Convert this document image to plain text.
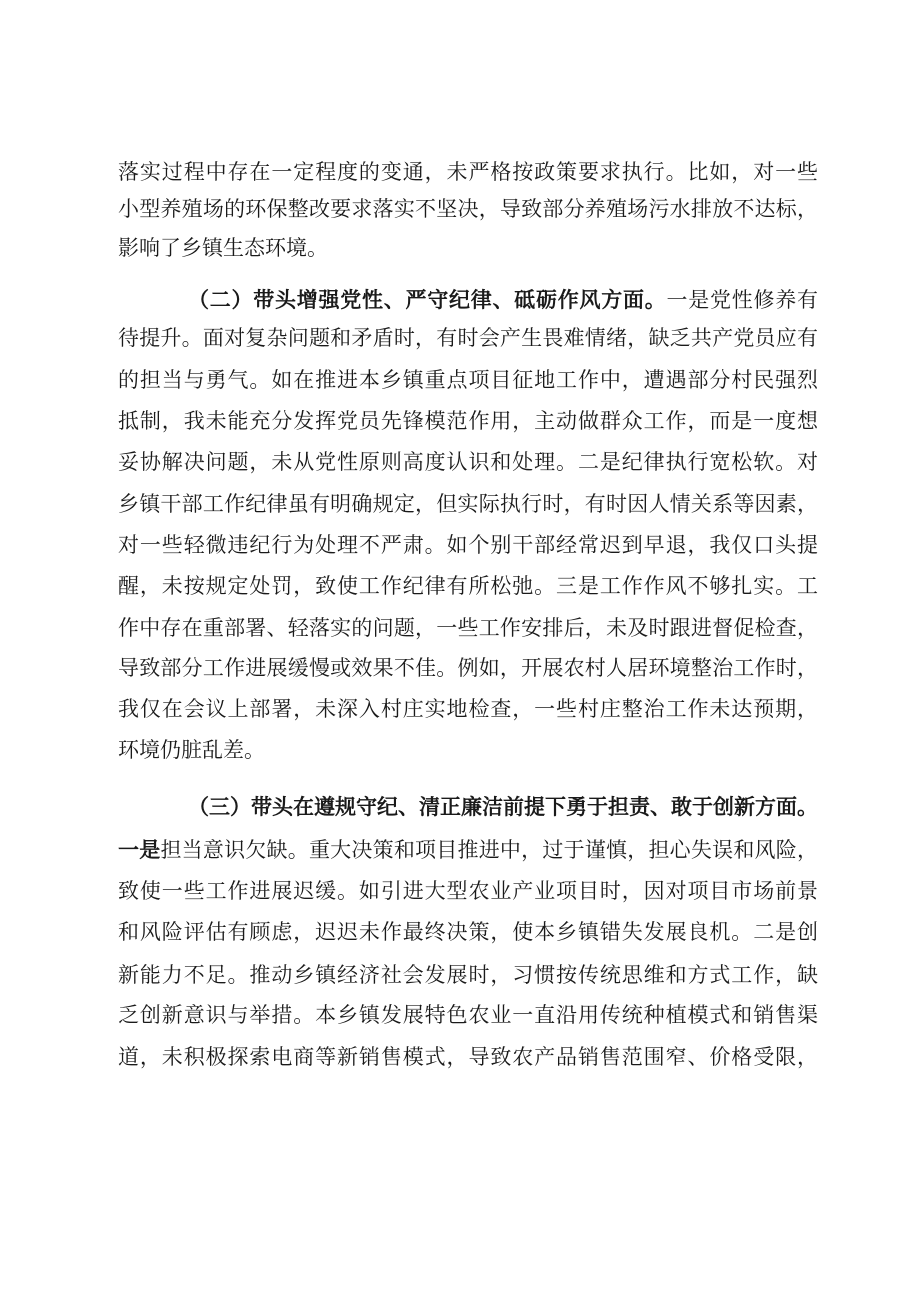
落实过程中存在一定程度的变通，未严格按政策要求执行。比如，对一些
小型养殖场的环保整改要求落实不坚决，导致部分养殖场污水排放不达标，
影响了乡镇生态环境。
（二）带头增强党性、严守纪律、砥砺作风方面。一是党性修养有
待提升。面对复杂问题和矛盾时，有时会产生畏难情绪，缺乏共产党员应有
的担当与勇气。如在推进本乡镇重点项目征地工作中，遭遇部分村民强烈
抵制，我未能充分发挥党员先锋模范作用，主动做群众工作，而是一度想
妥协解决问题，未从党性原则高度认识和处理。二是纪律执行宽松软。对
乡镇干部工作纪律虽有明确规定，但实际执行时，有时因人情关系等因素，
对一些轻微违纪行为处理不严肃。如个别干部经常迟到早退，我仅口头提
醒，未按规定处罚，致使工作纪律有所松弛。三是工作作风不够扎实。工
作中存在重部署、轻落实的问题，一些工作安排后，未及时跟进督促检查，
导致部分工作进展缓慢或效果不佳。例如，开展农村人居环境整治工作时，
我仅在会议上部署，未深入村庄实地检查，一些村庄整治工作未达预期，
环境仍脏乱差。
（三）带头在遵规守纪、清正廉洁前提下勇于担责、敢于创新方面。
一是担当意识欠缺。重大决策和项目推进中，过于谨慎，担心失误和风险，
致使一些工作进展迟缓。如引进大型农业产业项目时，因对项目市场前景
和风险评估有顾虑，迟迟未作最终决策，使本乡镇错失发展良机。二是创
新能力不足。推动乡镇经济社会发展时，习惯按传统思维和方式工作，缺
乏创新意识与举措。本乡镇发展特色农业一直沿用传统种植模式和销售渠
道，未积极探索电商等新销售模式，导致农产品销售范围窄、价格受限，
